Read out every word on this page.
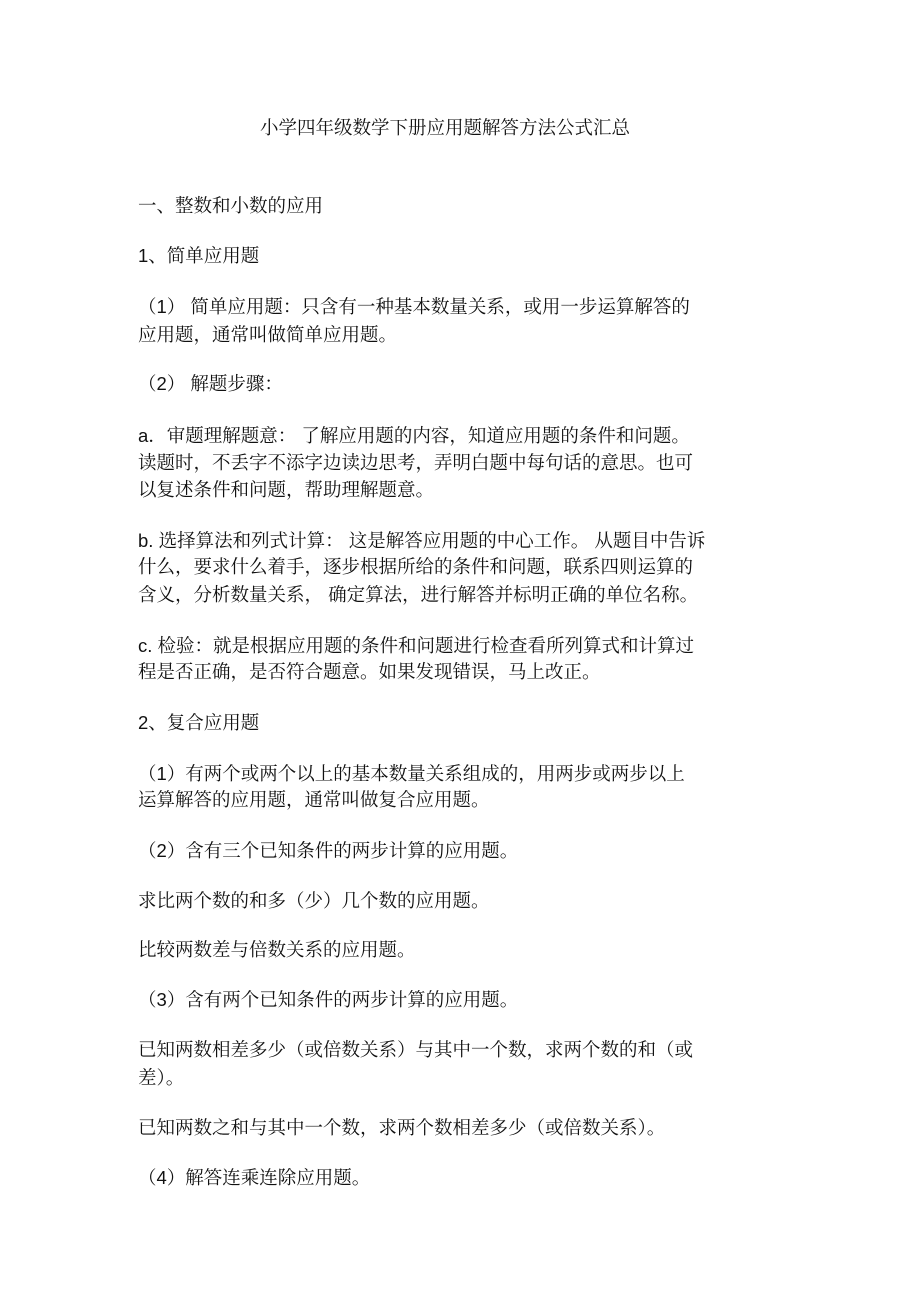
小学四年级数学下册应用题解答方法公式汇总
一、整数和小数的应用
1、简单应用题
（1） 简单应用题：只含有一种基本数量关系，或用一步运算解答的
应用题，通常叫做简单应用题。
（2） 解题步骤：
a．审题理解题意： 了解应用题的内容，知道应用题的条件和问题。
读题时，不丢字不添字边读边思考，弄明白题中每句话的意思。也可
以复述条件和问题，帮助理解题意。
b. 选择算法和列式计算： 这是解答应用题的中心工作。 从题目中告诉
什么，要求什么着手，逐步根据所给的条件和问题，联系四则运算的
含义，分析数量关系， 确定算法，进行解答并标明正确的单位名称。
c. 检验：就是根据应用题的条件和问题进行检查看所列算式和计算过
程是否正确，是否符合题意。如果发现错误，马上改正。
2、复合应用题
（1）有两个或两个以上的基本数量关系组成的，用两步或两步以上
运算解答的应用题，通常叫做复合应用题。
（2）含有三个已知条件的两步计算的应用题。
求比两个数的和多（少）几个数的应用题。
比较两数差与倍数关系的应用题。
（3）含有两个已知条件的两步计算的应用题。
已知两数相差多少（或倍数关系）与其中一个数，求两个数的和（或
差）。
已知两数之和与其中一个数，求两个数相差多少（或倍数关系）。
（4）解答连乘连除应用题。
